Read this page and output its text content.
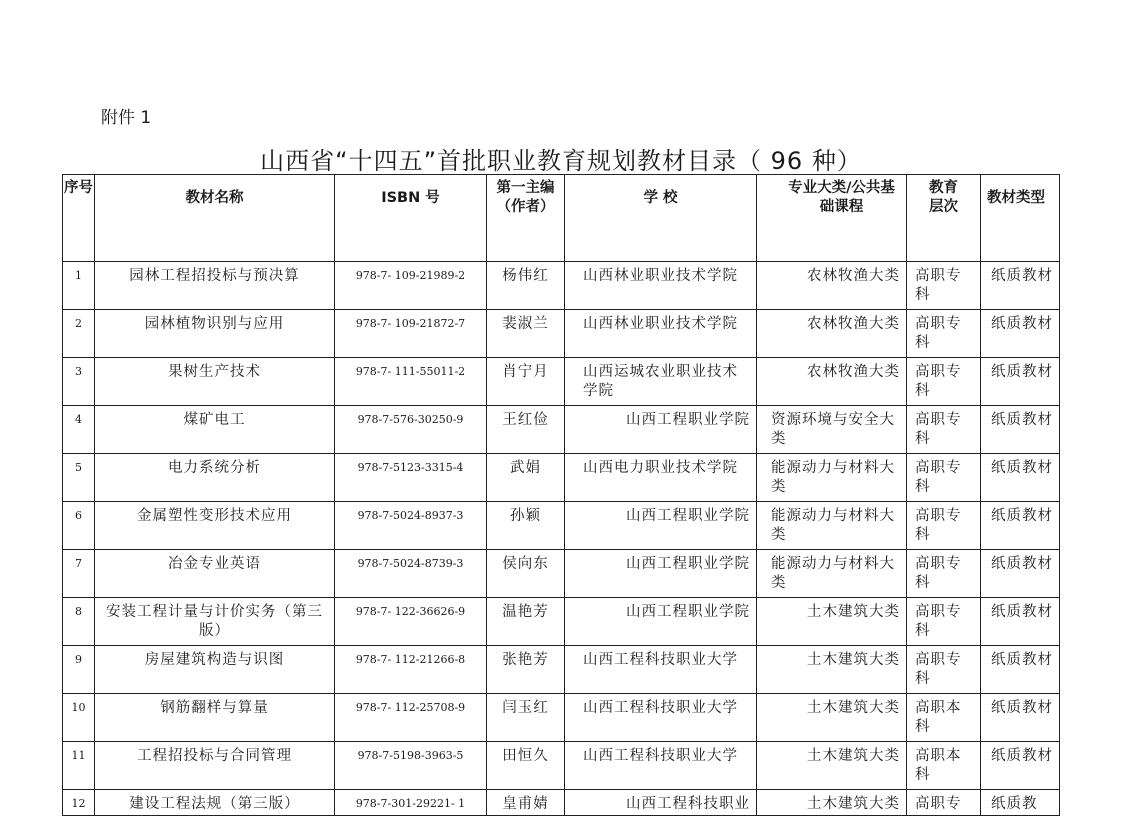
附件 1
山西省“十四五”首批职业教育规划教材目录（ 96 种）
序号	教材名称	ISBN 号	第一主编（作者）	学 校	专业大类/公共基础课程	教育层次	教材类型
1	园林工程招投标与预决算	978-7- 109-21989-2	杨伟红	山西林业职业技术学院	农林牧渔大类	高职专科	纸质教材
2	园林植物识别与应用	978-7- 109-21872-7	裴淑兰	山西林业职业技术学院	农林牧渔大类	高职专科	纸质教材
3	果树生产技术	978-7- 111-55011-2	肖宁月	山西运城农业职业技术学院	农林牧渔大类	高职专科	纸质教材
4	煤矿电工	978-7-576-30250-9	王红俭	山西工程职业学院	资源环境与安全大类	高职专科	纸质教材
5	电力系统分析	978-7-5123-3315-4	武娟	山西电力职业技术学院	能源动力与材料大类	高职专科	纸质教材
6	金属塑性变形技术应用	978-7-5024-8937-3	孙颖	山西工程职业学院	能源动力与材料大类	高职专科	纸质教材
7	冶金专业英语	978-7-5024-8739-3	侯向东	山西工程职业学院	能源动力与材料大类	高职专科	纸质教材
8	安装工程计量与计价实务（第三版）	978-7- 122-36626-9	温艳芳	山西工程职业学院	土木建筑大类	高职专科	纸质教材
9	房屋建筑构造与识图	978-7- 112-21266-8	张艳芳	山西工程科技职业大学	土木建筑大类	高职专科	纸质教材
10	钢筋翻样与算量	978-7- 112-25708-9	闫玉红	山西工程科技职业大学	土木建筑大类	高职本科	纸质教材
11	工程招投标与合同管理	978-7-5198-3963-5	田恒久	山西工程科技职业大学	土木建筑大类	高职本科	纸质教材
12	建设工程法规（第三版）	978-7-301-29221- 1	皇甫婧	山西工程科技职业	土木建筑大类	高职专	纸质教
